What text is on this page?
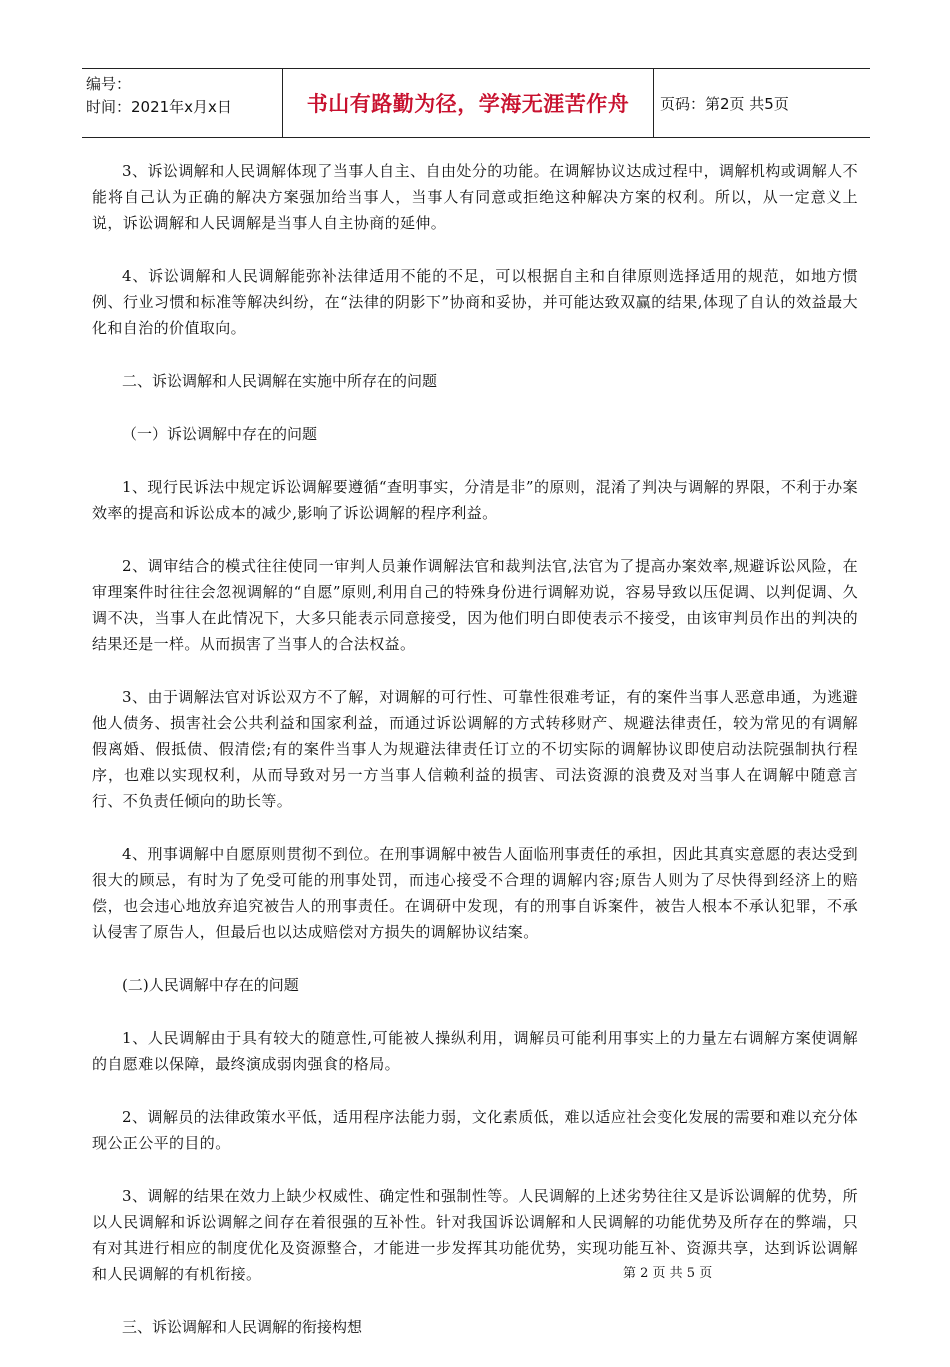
编号：
时间：2021年x月x日	书山有路勤为径，学海无涯苦作舟	页码：第2页 共5页

3、诉讼调解和人民调解体现了当事人自主、自由处分的功能。在调解协议达成过程中，调解机构或调解人不能将自己认为正确的解决方案强加给当事人，当事人有同意或拒绝这种解决方案的权利。所以，从一定意义上说，诉讼调解和人民调解是当事人自主协商的延伸。

4、诉讼调解和人民调解能弥补法律适用不能的不足，可以根据自主和自律原则选择适用的规范，如地方惯例、行业习惯和标准等解决纠纷，在“法律的阴影下”协商和妥协，并可能达致双赢的结果,体现了自认的效益最大化和自治的价值取向。

二、诉讼调解和人民调解在实施中所存在的问题

（一）诉讼调解中存在的问题

1、现行民诉法中规定诉讼调解要遵循“查明事实，分清是非”的原则，混淆了判决与调解的界限，不利于办案效率的提高和诉讼成本的减少,影响了诉讼调解的程序利益。

2、调审结合的模式往往使同一审判人员兼作调解法官和裁判法官,法官为了提高办案效率,规避诉讼风险，在审理案件时往往会忽视调解的“自愿”原则,利用自己的特殊身份进行调解劝说，容易导致以压促调、以判促调、久调不决，当事人在此情况下，大多只能表示同意接受，因为他们明白即使表示不接受，由该审判员作出的判决的结果还是一样。从而损害了当事人的合法权益。

3、由于调解法官对诉讼双方不了解，对调解的可行性、可靠性很难考证，有的案件当事人恶意串通，为逃避他人债务、损害社会公共利益和国家利益，而通过诉讼调解的方式转移财产、规避法律责任，较为常见的有调解假离婚、假抵债、假清偿;有的案件当事人为规避法律责任订立的不切实际的调解协议即使启动法院强制执行程序，也难以实现权利，从而导致对另一方当事人信赖利益的损害、司法资源的浪费及对当事人在调解中随意言行、不负责任倾向的助长等。

4、刑事调解中自愿原则贯彻不到位。在刑事调解中被告人面临刑事责任的承担，因此其真实意愿的表达受到很大的顾忌，有时为了免受可能的刑事处罚，而违心接受不合理的调解内容;原告人则为了尽快得到经济上的赔偿，也会违心地放弃追究被告人的刑事责任。在调研中发现，有的刑事自诉案件，被告人根本不承认犯罪，不承认侵害了原告人，但最后也以达成赔偿对方损失的调解协议结案。

(二)人民调解中存在的问题

1、人民调解由于具有较大的随意性,可能被人操纵利用，调解员可能利用事实上的力量左右调解方案使调解的自愿难以保障，最终演成弱肉强食的格局。

2、调解员的法律政策水平低，适用程序法能力弱，文化素质低，难以适应社会变化发展的需要和难以充分体现公正公平的目的。

3、调解的结果在效力上缺少权威性、确定性和强制性等。人民调解的上述劣势往往又是诉讼调解的优势，所以人民调解和诉讼调解之间存在着很强的互补性。针对我国诉讼调解和人民调解的功能优势及所存在的弊端，只有对其进行相应的制度优化及资源整合，才能进一步发挥其功能优势，实现功能互补、资源共享，达到诉讼调解和人民调解的有机衔接。

三、诉讼调解和人民调解的衔接构想

第 2 页 共 5 页
